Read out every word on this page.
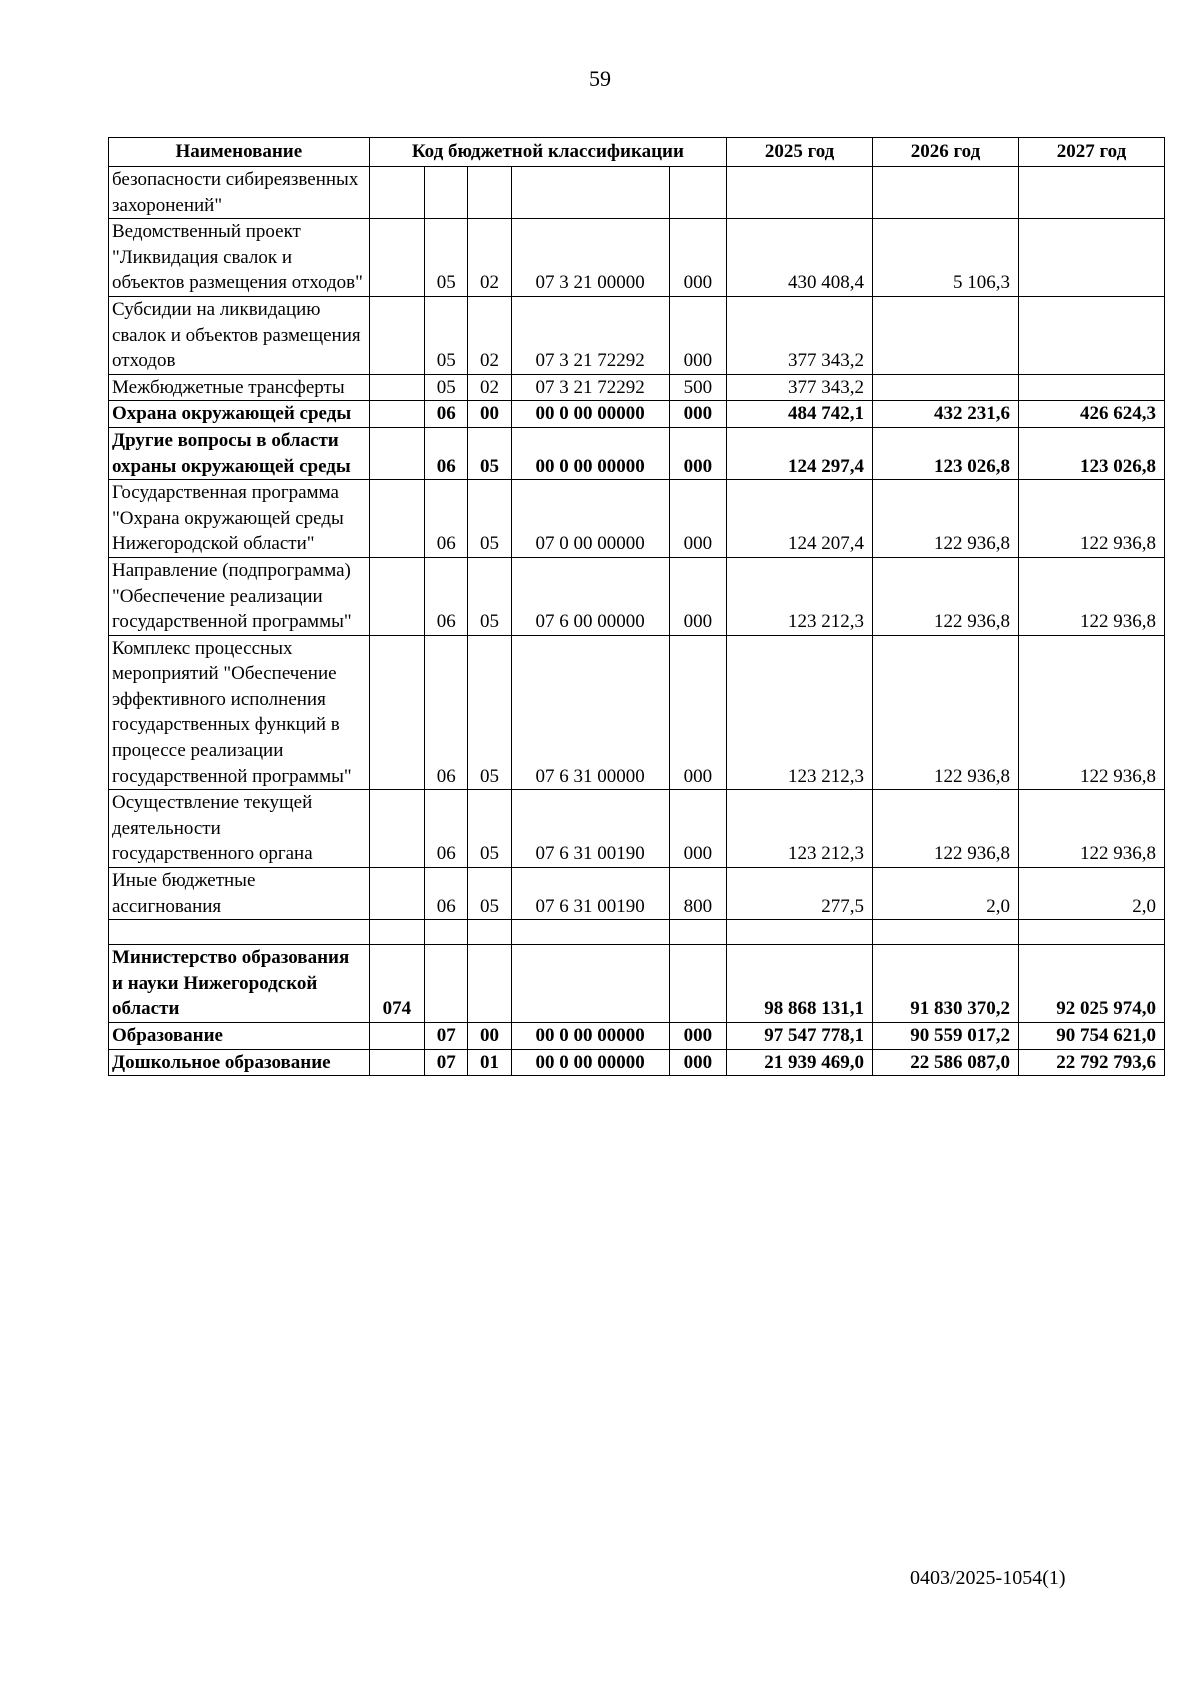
59
Наименование	Код бюджетной классификации					2025 год	2026 год	2027 год
безопасности сибиреязвенных захоронений"								
Ведомственный проект "Ликвидация свалок и объектов размещения отходов"		05	02	07 3 21 00000	000	430 408,4	5 106,3	
Субсидии на ликвидацию свалок и объектов размещения отходов		05	02	07 3 21 72292	000	377 343,2		
Межбюджетные трансферты		05	02	07 3 21 72292	500	377 343,2		
Охрана окружающей среды		06	00	00 0 00 00000	000	484 742,1	432 231,6	426 624,3
Другие вопросы в области охраны окружающей среды		06	05	00 0 00 00000	000	124 297,4	123 026,8	123 026,8
Государственная программа "Охрана окружающей среды Нижегородской области"		06	05	07 0 00 00000	000	124 207,4	122 936,8	122 936,8
Направление (подпрограмма) "Обеспечение реализации государственной программы"		06	05	07 6 00 00000	000	123 212,3	122 936,8	122 936,8
Комплекс процессных мероприятий "Обеспечение эффективного исполнения государственных функций в процессе реализации государственной программы"		06	05	07 6 31 00000	000	123 212,3	122 936,8	122 936,8
Осуществление текущей деятельности государственного органа		06	05	07 6 31 00190	000	123 212,3	122 936,8	122 936,8
Иные бюджетные ассигнования		06	05	07 6 31 00190	800	277,5	2,0	2,0

Министерство образования и науки Нижегородской области	074					98 868 131,1	91 830 370,2	92 025 974,0
Образование		07	00	00 0 00 00000	000	97 547 778,1	90 559 017,2	90 754 621,0
Дошкольное образование		07	01	00 0 00 00000	000	21 939 469,0	22 586 087,0	22 792 793,6
0403/2025-1054(1)
